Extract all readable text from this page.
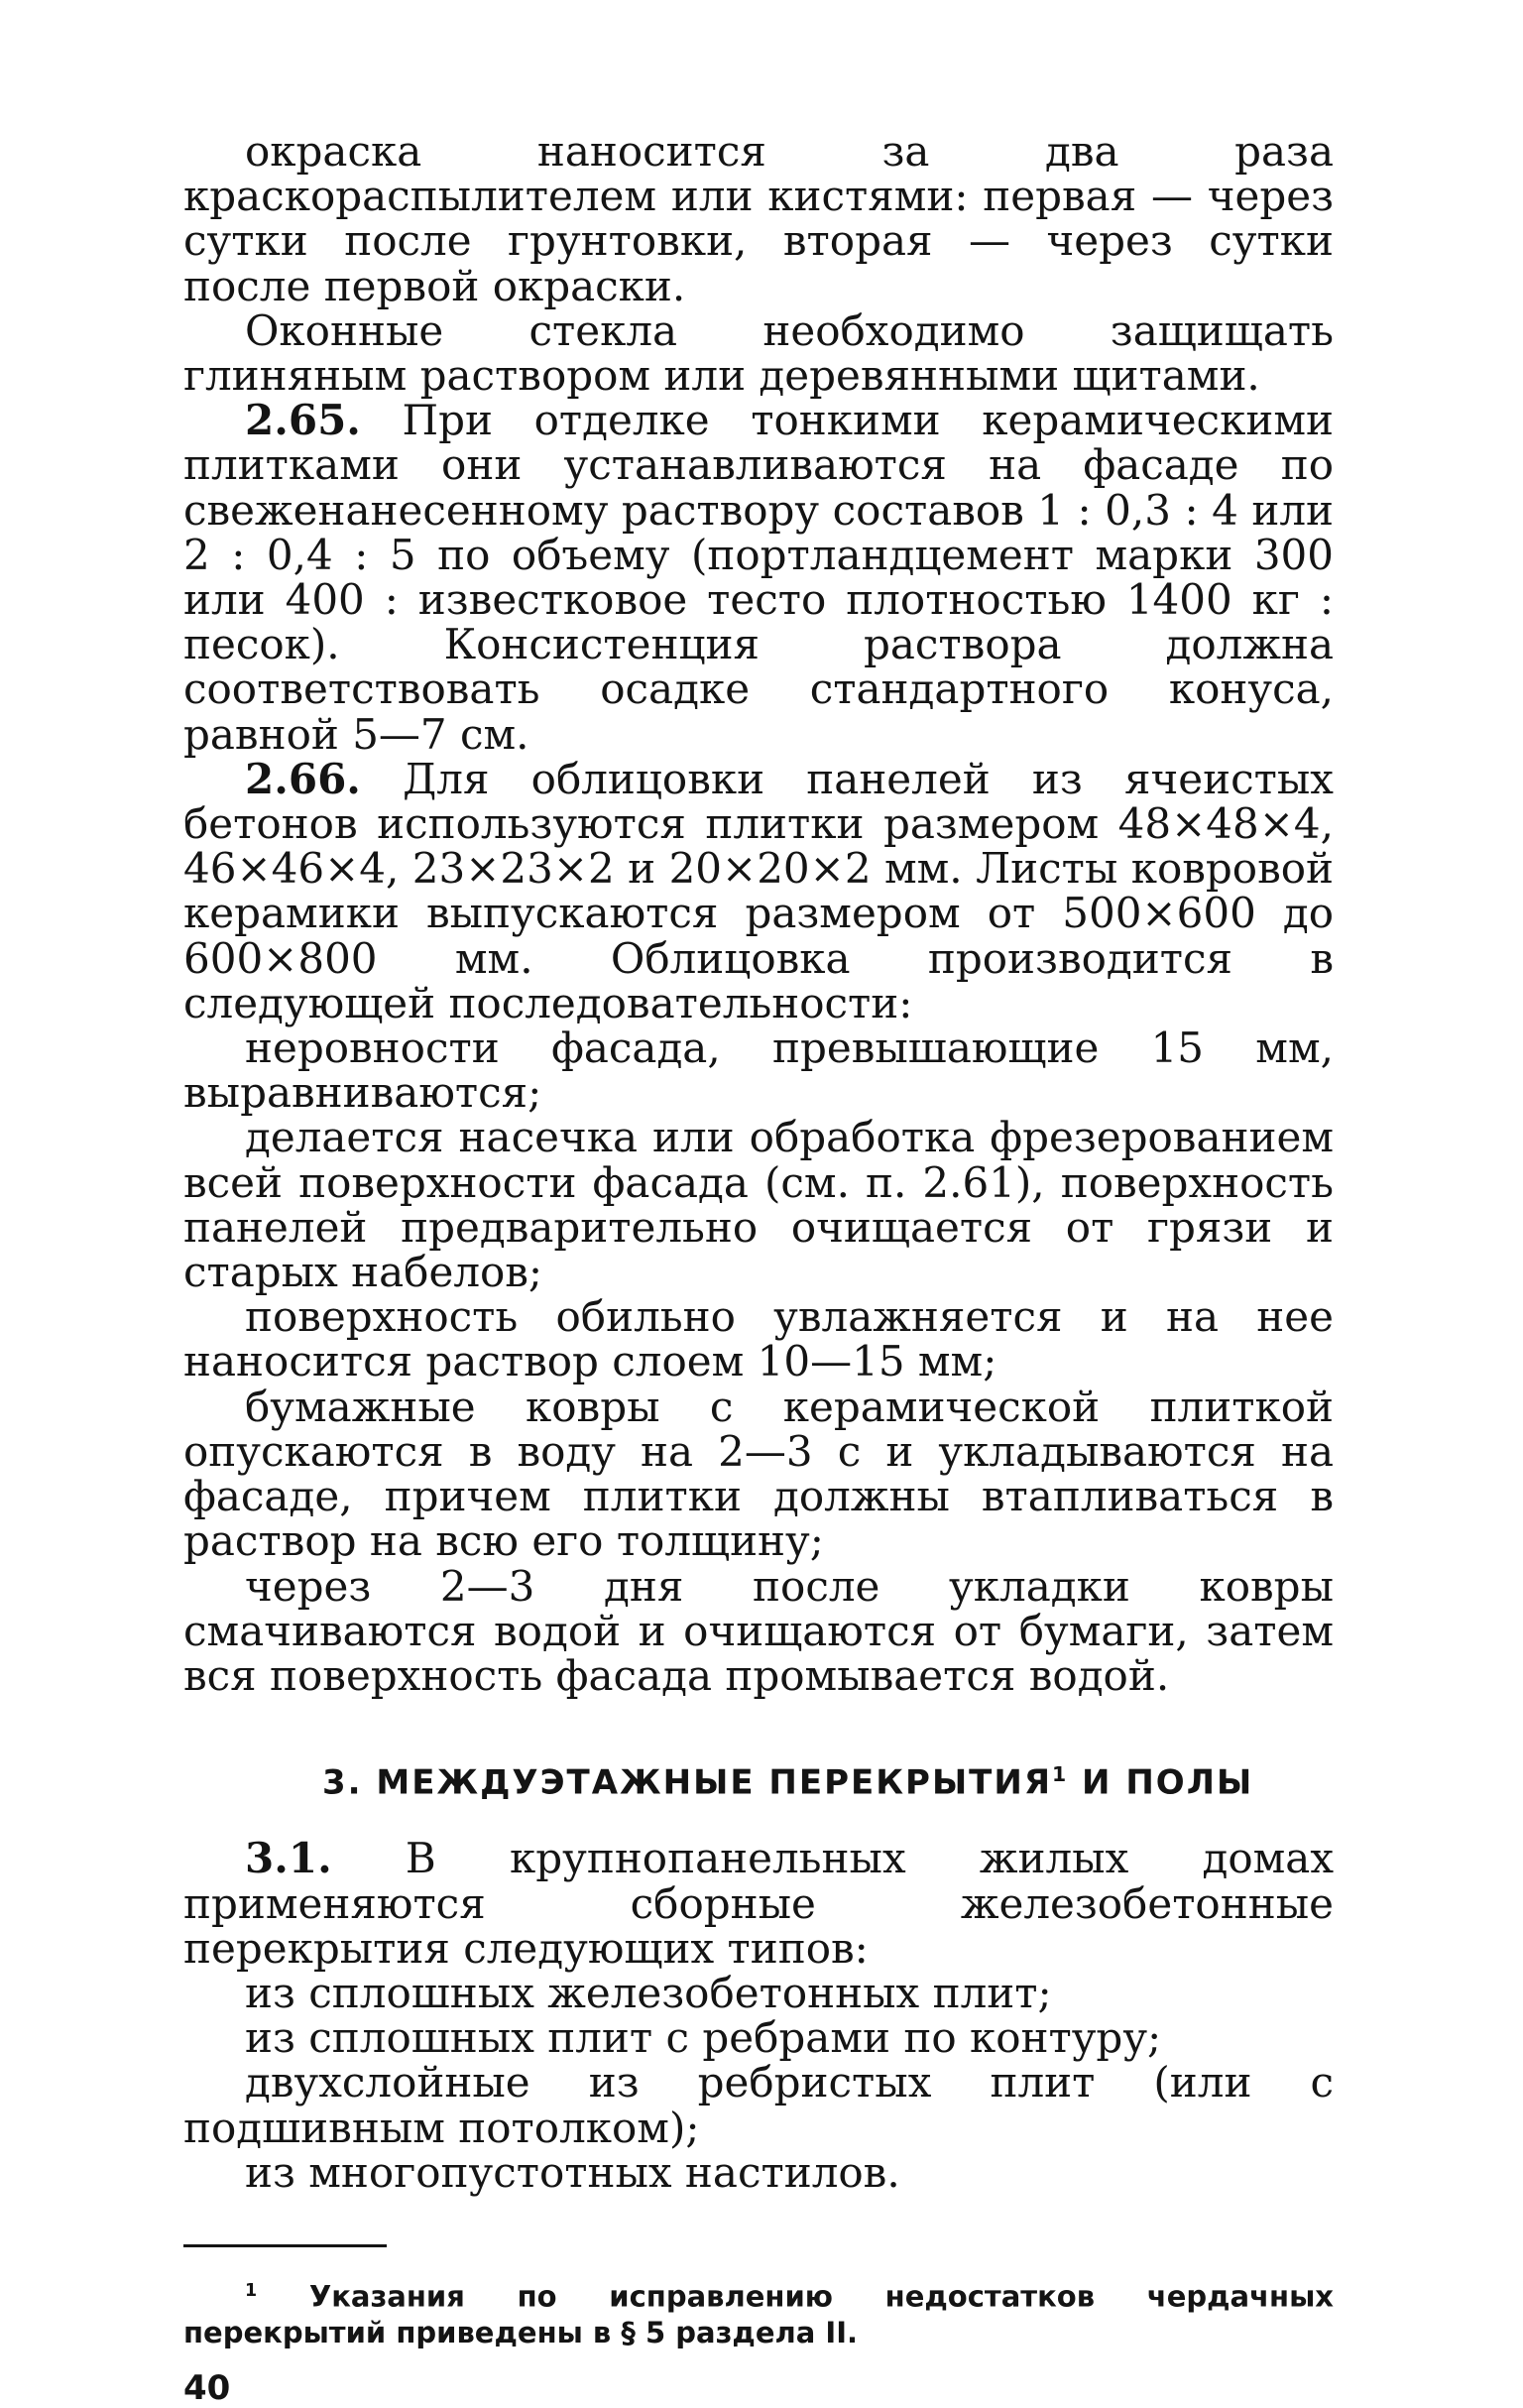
окраска наносится за два раза краскораспылителем или кистями: первая — через сутки после грунтовки, вторая — через сутки после первой окраски.

Оконные стекла необходимо защищать глиняным раствором или деревянными щитами.

2.65. При отделке тонкими керамическими плитками они устанавливаются на фасаде по свеженанесенному раствору составов 1 : 0,3 : 4 или 2 : 0,4 : 5 по объему (портландцемент марки 300 или 400 : известковое тесто плотностью 1400 кг : песок). Консистенция раствора должна соответствовать осадке стандартного конуса, равной 5—7 см.

2.66. Для облицовки панелей из ячеистых бетонов используются плитки размером 48×48×4, 46×46×4, 23×23×2 и 20×20×2 мм. Листы ковровой керамики выпускаются размером от 500×600 до 600×800 мм. Облицовка производится в следующей последовательности:

неровности фасада, превышающие 15 мм, выравниваются;

делается насечка или обработка фрезерованием всей поверхности фасада (см. п. 2.61), поверхность панелей предварительно очищается от грязи и старых набелов;

поверхность обильно увлажняется и на нее наносится раствор слоем 10—15 мм;

бумажные ковры с керамической плиткой опускаются в воду на 2—3 с и укладываются на фасаде, причем плитки должны втапливаться в раствор на всю его толщину;

через 2—3 дня после укладки ковры смачиваются водой и очищаются от бумаги, затем вся поверхность фасада промывается водой.

3. МЕЖДУЭТАЖНЫЕ ПЕРЕКРЫТИЯ$^1$ И ПОЛЫ

3.1. В крупнопанельных жилых домах применяются сборные железобетонные перекрытия следующих типов:

из сплошных железобетонных плит;

из сплошных плит с ребрами по контуру;

двухслойные из ребристых плит (или с подшивным потолком);

из многопустотных настилов.

$^1$ Указания по исправлению недостатков чердачных перекрытий приведены в § 5 раздела II.

40
